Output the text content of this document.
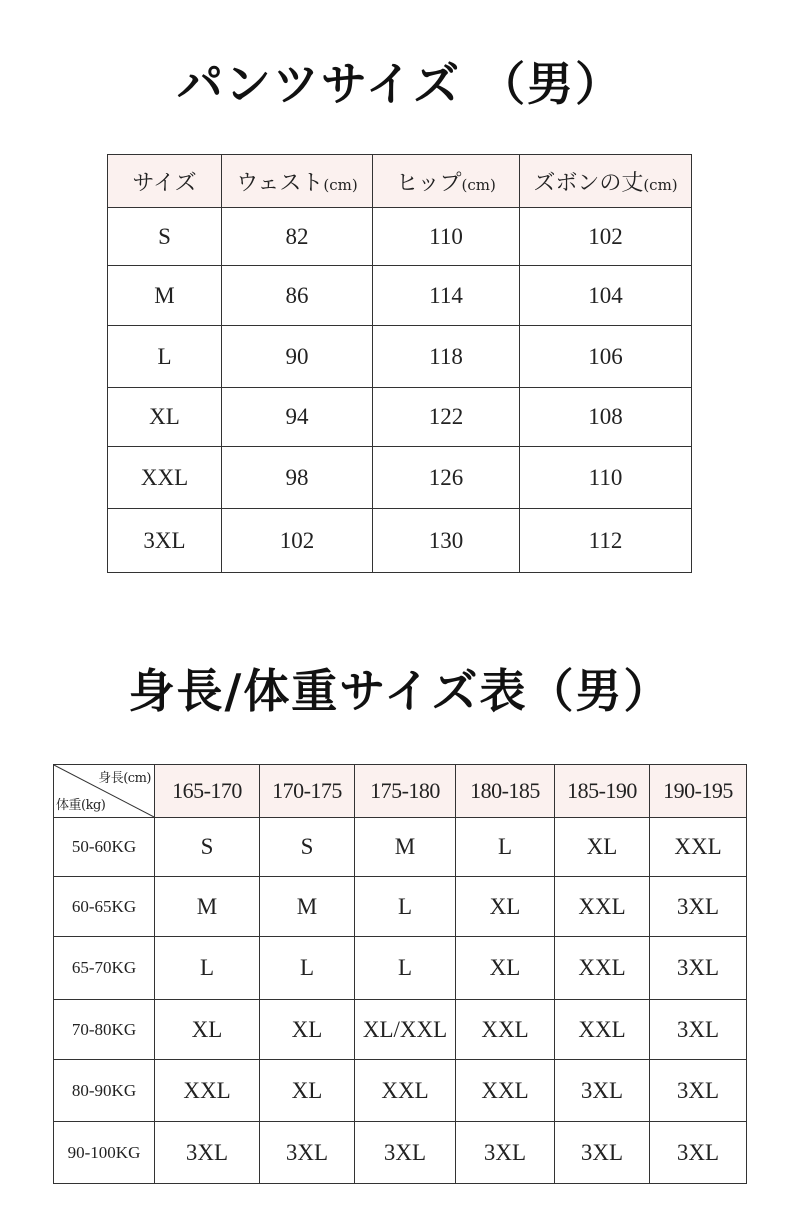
パンツサイズ （男）
サイズ	ウェスト(cm)	ヒップ(cm)	ズボンの丈(cm)
S	82	110	102
M	86	114	104
L	90	118	106
XL	94	122	108
XXL	98	126	110
3XL	102	130	112
身長/体重サイズ表（男）
身長(cm)
体重(kg)	165-170	170-175	175-180	180-185	185-190	190-195
50-60KG	S	S	M	L	XL	XXL
60-65KG	M	M	L	XL	XXL	3XL
65-70KG	L	L	L	XL	XXL	3XL
70-80KG	XL	XL	XL/XXL	XXL	XXL	3XL
80-90KG	XXL	XL	XXL	XXL	3XL	3XL
90-100KG	3XL	3XL	3XL	3XL	3XL	3XL
